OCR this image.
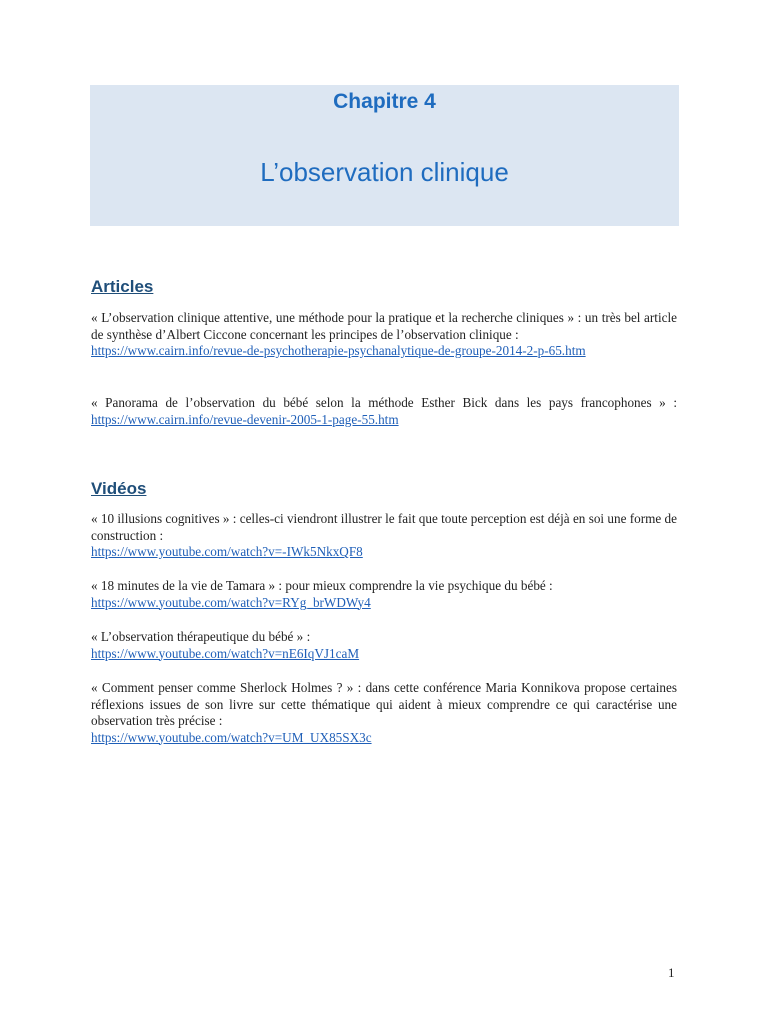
Chapitre 4
L’observation clinique
Articles
« L’observation clinique attentive, une méthode pour la pratique et la recherche cliniques » : un très bel article de synthèse d’Albert Ciccone concernant les principes de l’observation clinique :
https://www.cairn.info/revue-de-psychotherapie-psychanalytique-de-groupe-2014-2-p-65.htm
« Panorama de l’observation du bébé selon la méthode Esther Bick dans les pays francophones » : https://www.cairn.info/revue-devenir-2005-1-page-55.htm
Vidéos
« 10 illusions cognitives » : celles-ci viendront illustrer le fait que toute perception est déjà en soi une forme de construction :
https://www.youtube.com/watch?v=-IWk5NkxQF8
« 18 minutes de la vie de Tamara » : pour mieux comprendre la vie psychique du bébé :
https://www.youtube.com/watch?v=RYg_brWDWy4
« L’observation thérapeutique du bébé » :
https://www.youtube.com/watch?v=nE6IqVJ1caM
« Comment penser comme Sherlock Holmes ? » : dans cette conférence Maria Konnikova propose certaines réflexions issues de son livre sur cette thématique qui aident à mieux comprendre ce qui caractérise une observation très précise :
https://www.youtube.com/watch?v=UM_UX85SX3c
1
